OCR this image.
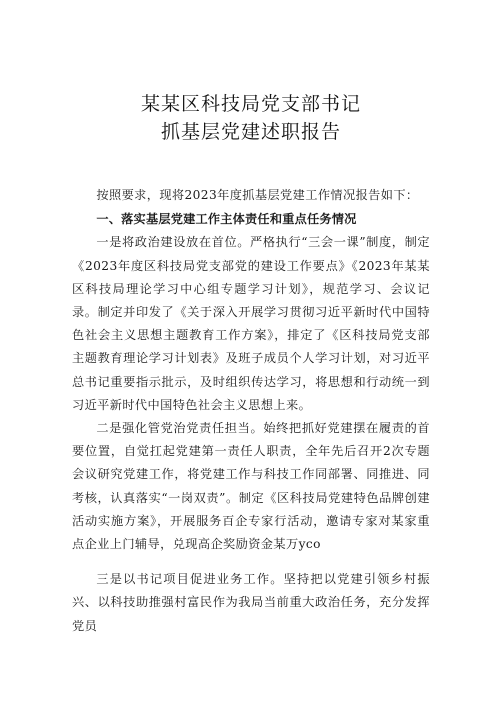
某某区科技局党支部书记
抓基层党建述职报告

按照要求，现将2023年度抓基层党建工作情况报告如下：

一、落实基层党建工作主体责任和重点任务情况

一是将政治建设放在首位。严格执行“三会一课”制度，制定《2023年度区科技局党支部党的建设工作要点》《2023年某某区科技局理论学习中心组专题学习计划》，规范学习、会议记录。制定并印发了《关于深入开展学习贯彻习近平新时代中国特色社会主义思想主题教育工作方案》，排定了《区科技局党支部主题教育理论学习计划表》及班子成员个人学习计划，对习近平总书记重要指示批示，及时组织传达学习，将思想和行动统一到习近平新时代中国特色社会主义思想上来。

二是强化管党治党责任担当。始终把抓好党建摆在履责的首要位置，自觉扛起党建第一责任人职责，全年先后召开2次专题会议研究党建工作，将党建工作与科技工作同部署、同推进、同考核，认真落实“一岗双责”。制定《区科技局党建特色品牌创建活动实施方案》，开展服务百企专家行活动，邀请专家对某家重点企业上门辅导，兑现高企奖励资金某万yco

三是以书记项目促进业务工作。坚持把以党建引领乡村振兴、以科技助推强村富民作为我局当前重大政治任务，充分发挥党员
